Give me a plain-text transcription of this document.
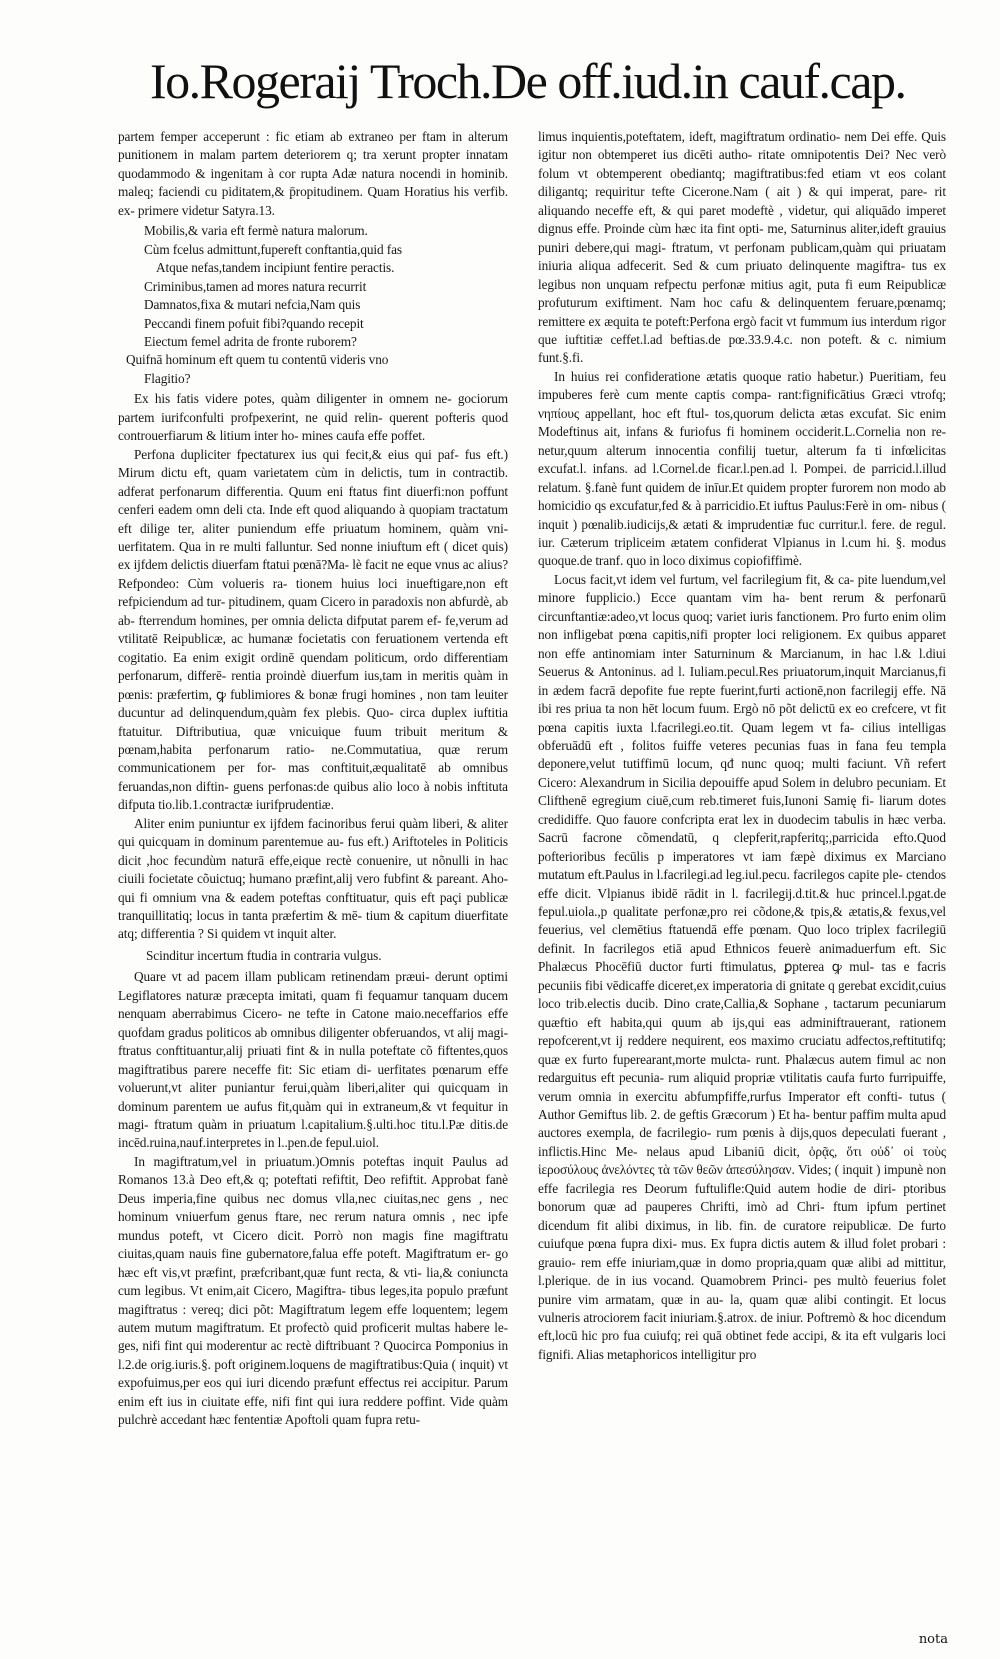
Io.Rogeraij Troch.De off.iud.in cauf.cap.

partem femper acceperunt : fic etiam ab extraneo per ftam in alterum punitionem in malam partem deteriorem q; tra xerunt propter innatam quodammodo & ingenitam à cor rupta Adæ natura nocendi in hominib. maleq; faciendi cu piditatem,& p̄ropitudinem. Quam Horatius his verfib. ex- primere videtur Satyra.13.

Mobilis,& varia eft fermè natura malorum.
Cùm fcelus admittunt,fupereft conftantia,quid fas
Atque nefas,tandem incipiunt fentire peractis.
Criminibus,tamen ad mores natura recurrit
Damnatos,fixa & mutari nefcia,Nam quis
Peccandi finem pofuit fibi?quando recepit
Eiectum femel adrita de fronte ruborem?
Quifnā hominum eft quem tu contentū videris vno
Flagitio?

Ex his fatis videre potes, quàm diligenter in omnem ne- gociorum partem iurifconfulti profpexerint, ne quid relin- querent pofteris quod controuerfiarum & litium inter ho- mines caufa effe poffet.

Perfona dupliciter fpectaturex ius qui fecit,& eius qui paf- fus eft.) Mirum dictu eft, quam varietatem cùm in delictis, tum in contractib. adferat perfonarum differentia. Quum eni ftatus fint diuerfi:non poffunt cenferi eadem omn deli cta. Inde eft quod aliquando à quopiam tractatum eft dilige ter, aliter puniendum effe priuatum hominem, quàm vni- uerfitatem. Qua in re multi falluntur. Sed nonne iniuftum eft ( dicet quis) ex ijfdem delictis diuerfam ftatui pœnā?Ma- lè facit ne eque vnus ac alius? Refpondeo: Cùm volueris ra- tionem huius loci inueftigare,non eft refpiciendum ad tur- pitudinem, quam Cicero in paradoxis non abfurdè, ab ab- fterrendum homines, per omnia delicta difputat parem ef- fe,verum ad vtilitatē Reipublicæ, ac humanæ focietatis con feruationem vertenda eft cogitatio. Ea enim exigit ordinē quendam politicum, ordo differentiam perfonarum, differē- rentia proindè diuerfum ius,tam in meritis quàm in pœnis: præfertim, ꝙ fublimiores & bonæ frugi homines , non tam leuiter ducuntur ad delinquendum,quàm fex plebis. Quo- circa duplex iuftitia ftatuitur. Diftributiua, quæ vnicuique fuum tribuit meritum & pœnam,habita perfonarum ratio- ne.Commutatiua, quæ rerum communicationem per for- mas conftituit,æqualitatē ab omnibus feruandas,non diftin- guens perfonas:de quibus alio loco à nobis inftituta difputa tio.lib.1.contractæ iurifprudentiæ.

Aliter enim puniuntur ex ijfdem facinoribus ferui quàm liberi, & aliter qui quicquam in dominum parentemue au- fus eft.) Ariftoteles in Politicis dicit ,hoc fecundùm naturā effe,eique rectè conuenire, ut nõnulli in hac ciuili focietate cõuictuq; humano præfint,alij vero fubfint & pareant. Aho- qui fi omnium vna & eadem poteftas conftituatur, quis eft paçi publicæ tranquillitatiq; locus in tanta præfertim & mē- tium & capitum diuerfitate atq; differentia ? Si quidem vt inquit alter.

Scinditur incertum ftudia in contraria vulgus.

Quare vt ad pacem illam publicam retinendam præui- derunt optimi Legiflatores naturæ præcepta imitati, quam fi fequamur tanquam ducem nenquam aberrabimus Cicero- ne tefte in Catone maio.neceffarios effe quofdam gradus politicos ab omnibus diligenter obferuandos, vt alij magi- ftratus conftituantur,alij priuati fint & in nulla poteftate cõ fiftentes,quos magiftratibus parere neceffe fit: Sic etiam di- uerfitates pœnarum effe voluerunt,vt aliter puniantur ferui,quàm liberi,aliter qui quicquam in dominum parentem ue aufus fit,quàm qui in extraneum,& vt fequitur in magi- ftratum quàm in priuatum l.capitalium.§.ulti.hoc titu.l.Pæ ditis.de incēd.ruina,nauf.interpretes in l..pen.de fepul.uiol.

In magiftratum,vel in priuatum.)Omnis poteftas inquit Paulus ad Romanos 13.à Deo eft,& q; poteftati refiftit, Deo refiftit. Approbat fanè Deus imperia,fine quibus nec domus vlla,nec ciuitas,nec gens , nec hominum vniuerfum genus ftare, nec rerum natura omnis , nec ipfe mundus poteft, vt Cicero dicit. Porrò non magis fine magiftratu ciuitas,quam nauis fine gubernatore,falua effe poteft. Magiftratum er- go hæc eft vis,vt præfint, præfcribant,quæ funt recta, & vti- lia,& coniuncta cum legibus. Vt enim,ait Cicero, Magiftra- tibus leges,ita populo præfunt magiftratus : vereq; dici põt: Magiftratum legem effe loquentem; legem autem mutum magiftratum. Et profectò quid proficerit multas habere le- ges, nifi fint qui moderentur ac rectè diftribuant ? Quocirca Pomponius in l.2.de orig.iuris.§. poft originem.loquens de magiftratibus:Quia ( inquit) vt expofuimus,per eos qui iuri dicendo præfunt effectus rei accipitur. Parum enim eft ius in ciuitate effe, nifi fint qui iura reddere poffint. Vide quàm pulchrè accedant hæc fententiæ Apoftoli quam fupra retu-

limus inquientis,poteftatem, ideft, magiftratum ordinatio- nem Dei effe. Quis igitur non obtemperet ius dicēti autho- ritate omnipotentis Dei? Nec verò folum vt obtemperent obediantq; magiftratibus:fed etiam vt eos colant diligantq; requiritur tefte Cicerone.Nam ( ait ) & qui imperat, pare- rit aliquando neceffe eft, & qui paret modeftè , videtur, qui aliquādo imperet dignus effe. Proinde cùm hæc ita fint opti- me, Saturninus aliter,ideft grauius puniri debere,qui magi- ftratum, vt perfonam publicam,quàm qui priuatam iniuria aliqua adfecerit. Sed & cum priuato delinquente magiftra- tus ex legibus non unquam refpectu perfonæ mitius agit, puta fi eum Reipublicæ profuturum exiftiment. Nam hoc cafu & delinquentem feruare,pœnamq; remittere ex æquita te poteft:Perfona ergò facit vt fummum ius interdum rigor que iuftitiæ ceffet.l.ad beftias.de pœ.33.9.4.c. non poteft. & c. nimium funt.§.fi.

In huius rei confideratione ætatis quoque ratio habetur.) Pueritiam, feu impuberes ferè cum mente captis compa- rant:fignificātius Græci vtrofq; νηπίους appellant, hoc eft ftul- tos,quorum delicta ætas excufat. Sic enim Modeftinus ait, infans & furiofus fi hominem occiderit.L.Cornelia non re- netur,quum alterum innocentia confilij tuetur, alterum fa ti infœlicitas excufat.l. infans. ad l.Cornel.de ficar.l.pen.ad l. Pompei. de parricid.l.illud relatum. §.fanè funt quidem de inīur.Et quidem propter furorem non modo ab homicidio qs excufatur,fed & à parricidio.Et iuftus Paulus:Ferè in om- nibus ( inquit ) pœnalib.iudicijs,& ætati & imprudentiæ fuc curritur.l. fere. de regul. iur. Cæterum tripliceim ætatem confiderat Vlpianus in l.cum hi. §. modus quoque.de tranf. quo in loco diximus copiofiffimè.

Locus facit,vt idem vel furtum, vel facrilegium fit, & ca- pite luendum,vel minore fupplicio.) Ecce quantam vim ha- bent rerum & perfonarū circunftantiæ:adeo,vt locus quoq; variet iuris fanctionem. Pro furto enim olim non infligebat pœna capitis,nifi propter loci religionem. Ex quibus apparet non effe antinomiam inter Saturninum & Marcianum, in hac l.& l.diui Seuerus & Antoninus. ad l. Iuliam.pecul.Res priuatorum,inquit Marcianus,fi in ædem facrā depofite fue repte fuerint,furti actionē,non facrilegij effe. Nā ibi res priua ta non hēt locum fuum. Ergò nō põt delictū ex eo crefcere, vt fit pœna capitis iuxta l.facrilegi.eo.tit. Quam legem vt fa- cilius intelligas obferuādū eft , folitos fuiffe veteres pecunias fuas in fana feu templa deponere,velut tutiffimū locum, qđ nunc quoq; multi faciunt. Vñ refert Cicero: Alexandrum in Sicilia depouiffe apud Solem in delubro pecuniam. Et Clifthenē egregium ciuē,cum reb.timeret fuis,Iunoni Samię fi- liarum dotes credidiffe. Quo fauore confcripta erat lex in duodecim tabulis in hæc verba. Sacrū facrone cõmendatū, q clepferit,rapferitq;,parricida efto.Quod pofterioribus fecūlis p imperatores vt iam fæpè diximus ex Marciano mutatum eft.Paulus in l.facrilegi.ad leg.iul.pecu. facrilegos capite ple- ctendos effe dicit. Vlpianus ibidē rādit in l. facrilegij.d.tit.& huc princel.l.pgat.de fepul.uiola.,p qualitate perfonæ,pro rei cõdone,& tpis,& ætatis,& fexus,vel feuerius, vel clemētius ftatuendā effe pœnam. Quo loco triplex facrilegiū definit. In facrilegos etiā apud Ethnicos feuerè animaduerfum eft. Sic Phalæcus Phocēfiū ductor furti ftimulatus, ꝑpterea ꝙ mul- tas e facris pecuniis fibi vēdicaffe diceret,ex imperatoria di gnitate q gerebat excidit,cuius loco trib.electis ducib. Dino crate,Callia,& Sophane , tactarum pecuniarum quæftio eft habita,qui quum ab ijs,qui eas adminiftrauerant, rationem repofcerent,vt ij reddere nequirent, eos maximo cruciatu adfectos,reftitutifq; quæ ex furto fuperearant,morte mulcta- runt. Phalæcus autem fimul ac non redarguitus eft pecunia- rum aliquid propriæ vtilitatis caufa furto furripuiffe, verum omnia in exercitu abfumpfiffe,rurfus Imperator eft confti- tutus ( Author Gemiftus lib. 2. de geftis Græcorum ) Et ha- bentur paffim multa apud auctores exempla, de facrilegio- rum pœnis à dijs,quos depeculati fuerant , inflictis.Hinc Me- nelaus apud Libaniū dicit, ὁρᾷς, ὅτι οὐδ᾽ οἱ τοὺς ἱεροσύλους ἀνελόντες τὰ τῶν θεῶν ἀπεσύλησαν. Vides; ( inquit ) impunè non effe facrilegia res Deorum fuftulifle:Quid autem hodie de diri- ptoribus bonorum quæ ad pauperes Chrifti, imò ad Chri- ftum ipfum pertinet dicendum fit alibi diximus, in lib. fin. de curatore reipublicæ. De furto cuiufque pœna fupra dixi- mus. Ex fupra dictis autem & illud folet probari : grauio- rem effe iniuriam,quæ in domo propria,quam quæ alibi ad mittitur, l.plerique. de in ius vocand. Quamobrem Princi- pes multò feuerius folet punire vim armatam, quæ in au- la, quam quæ alibi contingit. Et locus vulneris atrociorem facit iniuriam.§.atrox. de iniur. Poftremò & hoc dicendum eft,locū hic pro fua cuiufq; rei quā obtinet fede accipi, & ita eft vulgaris loci fignifi. Alias metaphoricos intelligitur pro

nota
